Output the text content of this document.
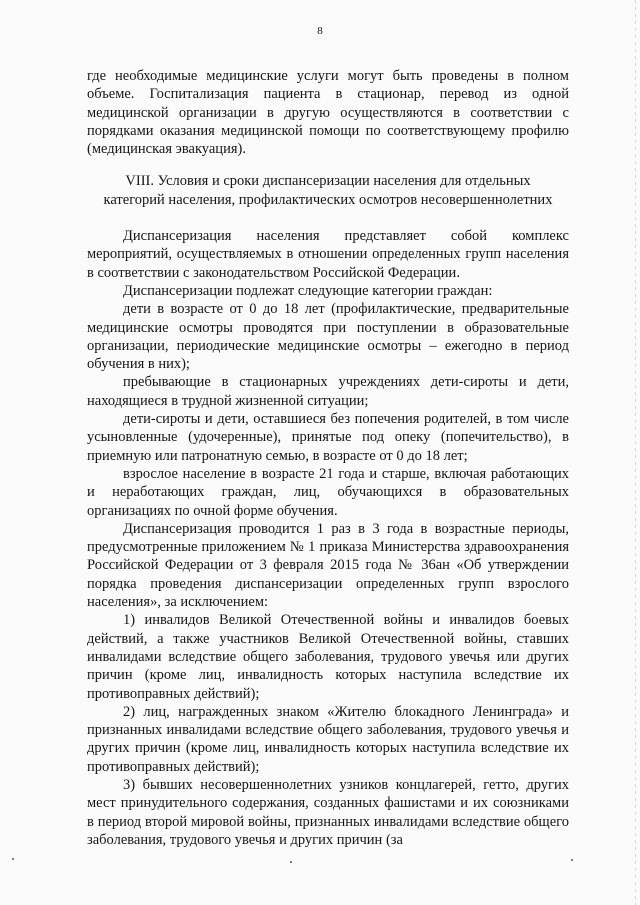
8

где необходимые медицинские услуги могут быть проведены в полном объеме. Госпитализация пациента в стационар, перевод из одной медицинской организации в другую осуществляются в соответствии с порядками оказания медицинской помощи по соответствующему профилю (медицинская эвакуация).

VIII. Условия и сроки диспансеризации населения для отдельных
категорий населения, профилактических осмотров несовершеннолетних

Диспансеризация населения представляет собой комплекс мероприятий, осуществляемых в отношении определенных групп населения в соответствии с законодательством Российской Федерации.

Диспансеризации подлежат следующие категории граждан:

дети в возрасте от 0 до 18 лет (профилактические, предварительные медицинские осмотры проводятся при поступлении в образовательные организации, периодические медицинские осмотры – ежегодно в период обучения в них);

пребывающие в стационарных учреждениях дети-сироты и дети, находящиеся в трудной жизненной ситуации;

дети-сироты и дети, оставшиеся без попечения родителей, в том числе усыновленные (удочеренные), принятые под опеку (попечительство), в приемную или патронатную семью, в возрасте от 0 до 18 лет;

взрослое население в возрасте 21 года и старше, включая работающих и неработающих граждан, лиц, обучающихся в образовательных организациях по очной форме обучения.

Диспансеризация проводится 1 раз в 3 года в возрастные периоды, предусмотренные приложением № 1 приказа Министерства здравоохранения Российской Федерации от 3 февраля 2015 года № 36ан «Об утверждении порядка проведения диспансеризации определенных групп взрослого населения», за исключением:

1) инвалидов Великой Отечественной войны и инвалидов боевых действий, а также участников Великой Отечественной войны, ставших инвалидами вследствие общего заболевания, трудового увечья или других причин (кроме лиц, инвалидность которых наступила вследствие их противоправных действий);

2) лиц, награжденных знаком «Жителю блокадного Ленинграда» и признанных инвалидами вследствие общего заболевания, трудового увечья и других причин (кроме лиц, инвалидность которых наступила вследствие их противоправных действий);

3) бывших несовершеннолетних узников концлагерей, гетто, других мест принудительного содержания, созданных фашистами и их союзниками в период второй мировой войны, признанных инвалидами вследствие общего заболевания, трудового увечья и других причин (за
